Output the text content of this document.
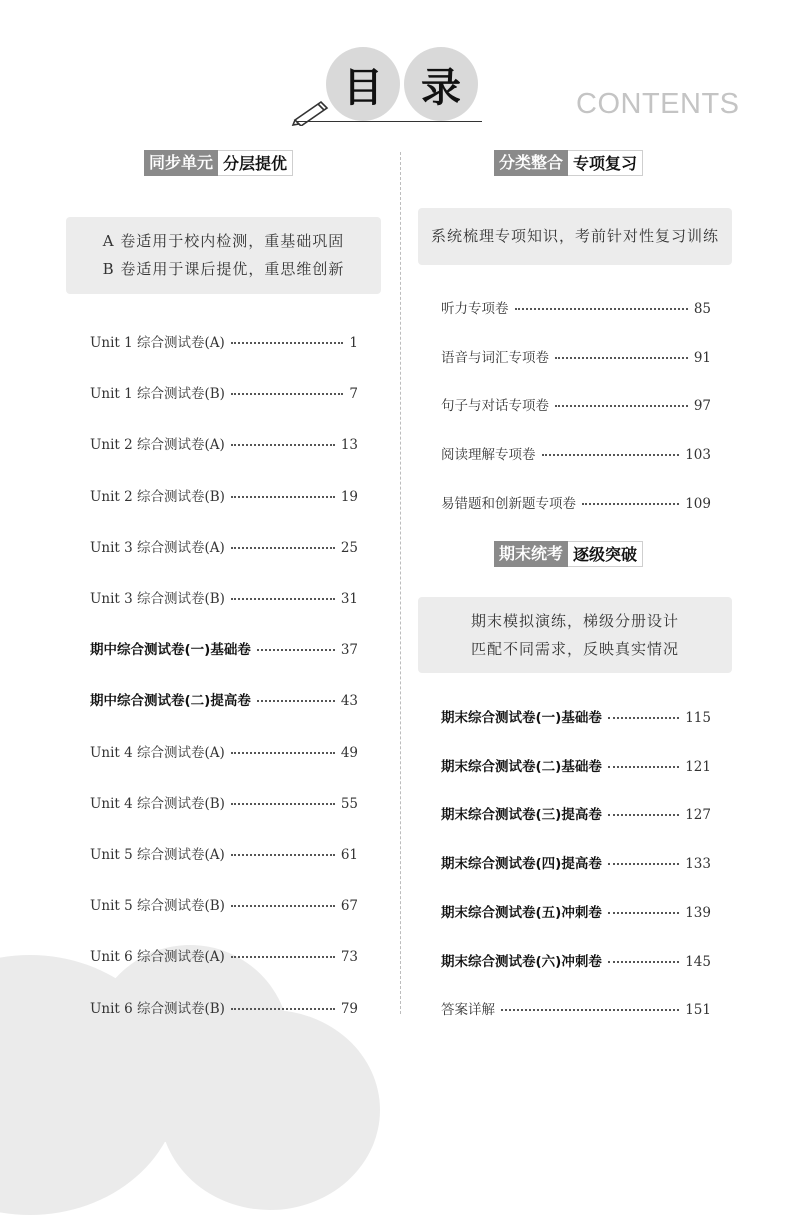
目 录	CONTENTS
同步单元 分层提优
A 卷适用于校内检测，重基础巩固
B 卷适用于课后提优，重思维创新
Unit 1 综合测试卷(A)	1
Unit 1 综合测试卷(B)	7
Unit 2 综合测试卷(A)	13
Unit 2 综合测试卷(B)	19
Unit 3 综合测试卷(A)	25
Unit 3 综合测试卷(B)	31
期中综合测试卷(一)基础卷	37
期中综合测试卷(二)提高卷	43
Unit 4 综合测试卷(A)	49
Unit 4 综合测试卷(B)	55
Unit 5 综合测试卷(A)	61
Unit 5 综合测试卷(B)	67
Unit 6 综合测试卷(A)	73
Unit 6 综合测试卷(B)	79
分类整合 专项复习
系统梳理专项知识，考前针对性复习训练
听力专项卷	85
语音与词汇专项卷	91
句子与对话专项卷	97
阅读理解专项卷	103
易错题和创新题专项卷	109
期末统考 逐级突破
期末模拟演练，梯级分册设计
匹配不同需求，反映真实情况
期末综合测试卷(一)基础卷	115
期末综合测试卷(二)基础卷	121
期末综合测试卷(三)提高卷	127
期末综合测试卷(四)提高卷	133
期末综合测试卷(五)冲刺卷	139
期末综合测试卷(六)冲刺卷	145
答案详解	151
